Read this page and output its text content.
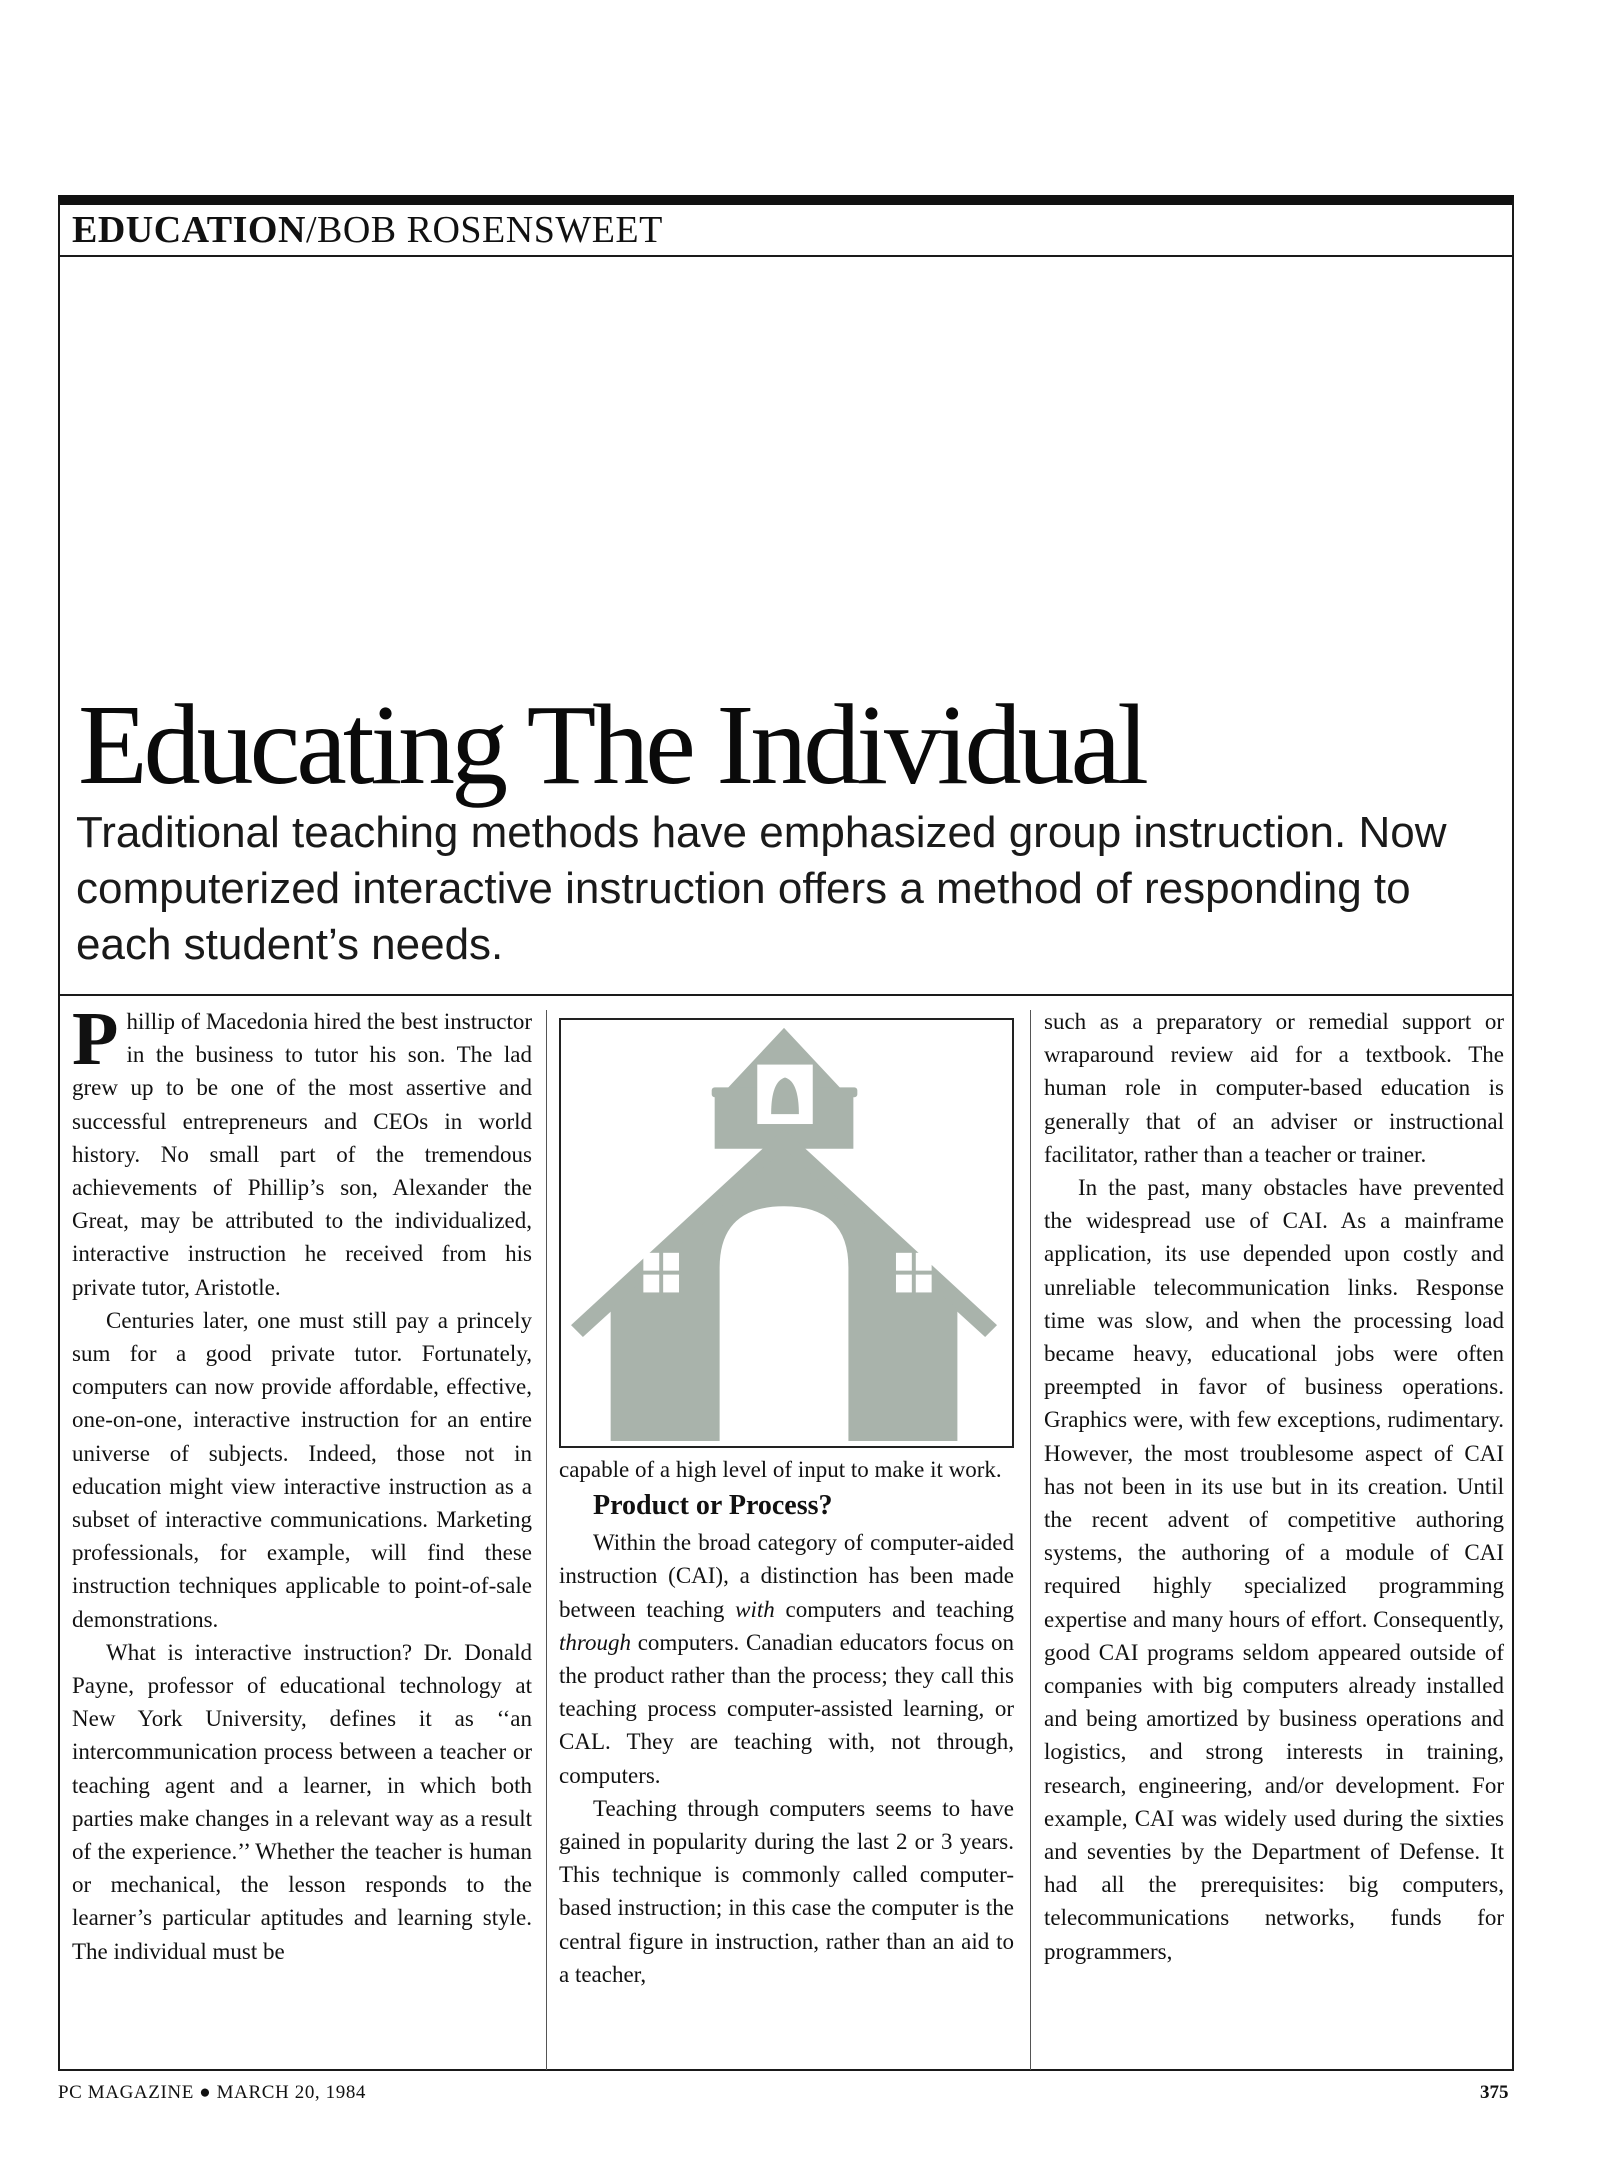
EDUCATION/BOB ROSENSWEET
Educating The Individual

Traditional teaching methods have emphasized group instruction. Now computerized interactive instruction offers a method of responding to each student’s needs.

Phillip of Macedonia hired the best instructor in the business to tutor his son. The lad grew up to be one of the most assertive and successful entrepreneurs and CEOs in world history. No small part of the tremendous achievements of Phillip’s son, Alexander the Great, may be attributed to the individualized, interactive instruction he received from his private tutor, Aristotle.

Centuries later, one must still pay a princely sum for a good private tutor. Fortunately, computers can now provide affordable, effective, one-on-one, interactive instruction for an entire universe of subjects. Indeed, those not in education might view interactive instruction as a subset of interactive communications. Marketing professionals, for example, will find these instruction techniques applicable to point-of-sale demonstrations.

What is interactive instruction? Dr. Donald Payne, professor of educational technology at New York University, defines it as ‘‘an intercommunication process between a teacher or teaching agent and a learner, in which both parties make changes in a relevant way as a result of the experience.’’ Whether the teacher is human or mechanical, the lesson responds to the learner’s particular aptitudes and learning style. The individual must be

capable of a high level of input to make it work.

Product or Process?

Within the broad category of computer-aided instruction (CAI), a distinction has been made between teaching with computers and teaching through computers. Canadian educators focus on the product rather than the process; they call this teaching process computer-assisted learning, or CAL. They are teaching with, not through, computers.

Teaching through computers seems to have gained in popularity during the last 2 or 3 years. This technique is commonly called computer-based instruction; in this case the computer is the central figure in instruction, rather than an aid to a teacher,

such as a preparatory or remedial support or wraparound review aid for a textbook. The human role in computer-based education is generally that of an adviser or instructional facilitator, rather than a teacher or trainer.

In the past, many obstacles have prevented the widespread use of CAI. As a mainframe application, its use depended upon costly and unreliable telecommunication links. Response time was slow, and when the processing load became heavy, educational jobs were often preempted in favor of business operations. Graphics were, with few exceptions, rudimentary. However, the most troublesome aspect of CAI has not been in its use but in its creation. Until the recent advent of competitive authoring systems, the authoring of a module of CAI required highly specialized programming expertise and many hours of effort. Consequently, good CAI programs seldom appeared outside of companies with big computers already installed and being amortized by business operations and logistics, and strong interests in training, research, engineering, and/or development. For example, CAI was widely used during the sixties and seventies by the Department of Defense. It had all the prerequisites: big computers, telecommunications networks, funds for programmers,

PC MAGAZINE ● MARCH 20, 1984	375
